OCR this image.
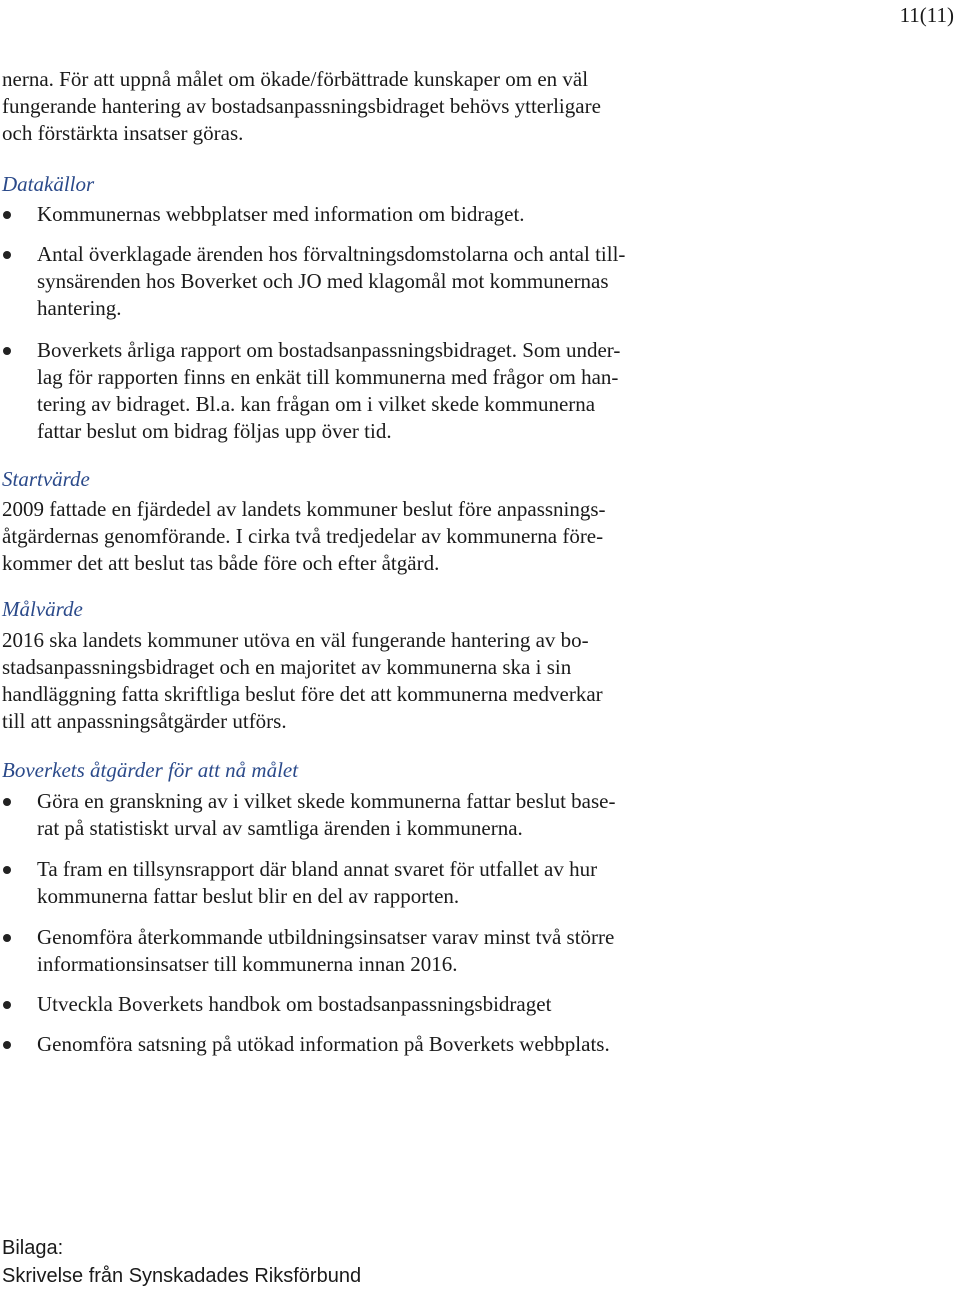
11(11)
nerna. För att uppnå målet om ökade/förbättrade kunskaper om en väl
fungerande hantering av bostadsanpassningsbidraget behövs ytterligare
och förstärkta insatser göras.
Datakällor
Kommunernas webbplatser med information om bidraget.
Antal överklagade ärenden hos förvaltningsdomstolarna och antal till-
synsärenden hos Boverket och JO med klagomål mot kommunernas
hantering.
Boverkets årliga rapport om bostadsanpassningsbidraget. Som under-
lag för rapporten finns en enkät till kommunerna med frågor om han-
tering av bidraget. Bl.a. kan frågan om i vilket skede kommunerna
fattar beslut om bidrag följas upp över tid.
Startvärde
2009 fattade en fjärdedel av landets kommuner beslut före anpassnings-
åtgärdernas genomförande. I cirka två tredjedelar av kommunerna före-
kommer det att beslut tas både före och efter åtgärd.
Målvärde
2016 ska landets kommuner utöva en väl fungerande hantering av bo-
stadsanpassningsbidraget och en majoritet av kommunerna ska i sin
handläggning fatta skriftliga beslut före det att kommunerna medverkar
till att anpassningsåtgärder utförs.
Boverkets åtgärder för att nå målet
Göra en granskning av i vilket skede kommunerna fattar beslut base-
rat på statistiskt urval av samtliga ärenden i kommunerna.
Ta fram en tillsynsrapport där bland annat svaret för utfallet av hur
kommunerna fattar beslut blir en del av rapporten.
Genomföra återkommande utbildningsinsatser varav minst två större
informationsinsatser till kommunerna innan 2016.
Utveckla Boverkets handbok om bostadsanpassningsbidraget
Genomföra satsning på utökad information på Boverkets webbplats.
Bilaga:
Skrivelse från Synskadades Riksförbund
